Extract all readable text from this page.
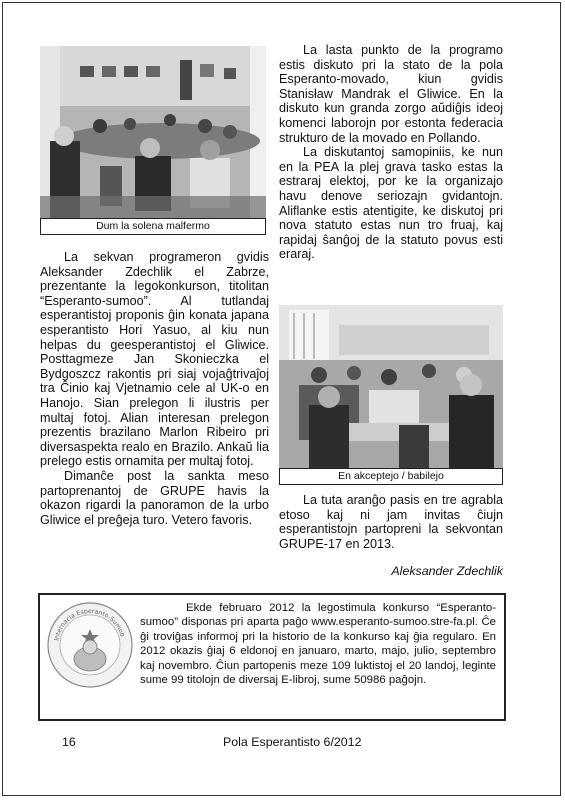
Dum la solena malfermo

La sekvan programeron gvidis Aleksander Zdechlik el Zabrze, prezentante la legokonkurson, titolitan “Esperanto-sumoo”. Al tutlandaj esperantistoj proponis ĝin konata japana esperantisto Hori Yasuo, al kiu nun helpas du geesperantistoj el Gliwice. Posttagmeze Jan Skonieczka el Bydgoszcz rakontis pri siaj vojaĝtrivaĵoj tra Ĉinio kaj Vjetnamio cele al UK-o en Hanojo. Sian prelegon li ilustris per multaj fotoj. Alian interesan prelegon prezentis brazilano Marlon Ribeiro pri diversaspekta realo en Brazilo. Ankaŭ lia prelego estis ornamita per multaj fotoj.

Dimanĉe post la sankta meso partoprenantoj de GRUPE havis la okazon rigardi la panoramon de la urbo Gliwice el preĝeja turo. Vetero favoris.

La lasta punkto de la programo estis diskuto pri la stato de la pola Esperanto-movado, kiun gvidis Stanisław Mandrak el Gliwice. En la diskuto kun granda zorgo aŭdiĝis ideoj komenci laborojn por estonta federacia strukturo de la movado en Pollando.

La diskutantoj samopiniis, ke nun en la PEA la plej grava tasko estas la estraraj elektoj, por ke la organizajo havu denove seriozajn gvidantojn. Aliflanke estis atentigite, ke diskutoj pri nova statuto estas nun tro fruaj, kaj rapidaj ŝanĝoj de la statuto povus esti eraraj.

En akceptejo / babilejo

La tuta aranĝo pasis en tre agrabla etoso kaj ni jam invitas ĉiujn esperantistojn partopreni la sekvontan GRUPE-17 en 2013.

Aleksander Zdechlik
Internacia Esperanto-Sumoo

Ekde februaro 2012 la legostimula konkurso “Esperanto-sumoo” disponas pri aparta paĝo www.esperanto-sumoo.stre-fa.pl. Ĉe ĝi troviĝas informoj pri la historio de la konkurso kaj ĝia regularo. En 2012 okazis ĝiaj 6 eldonoj en januaro, marto, majo, julio, septembro kaj novembro. Ĉiun partopenis meze 109 luktistoj el 20 landoj, leginte sume 99 titolojn de diversaj E-libroj, sume 50986 paĝojn.

16	Pola Esperantisto 6/2012
